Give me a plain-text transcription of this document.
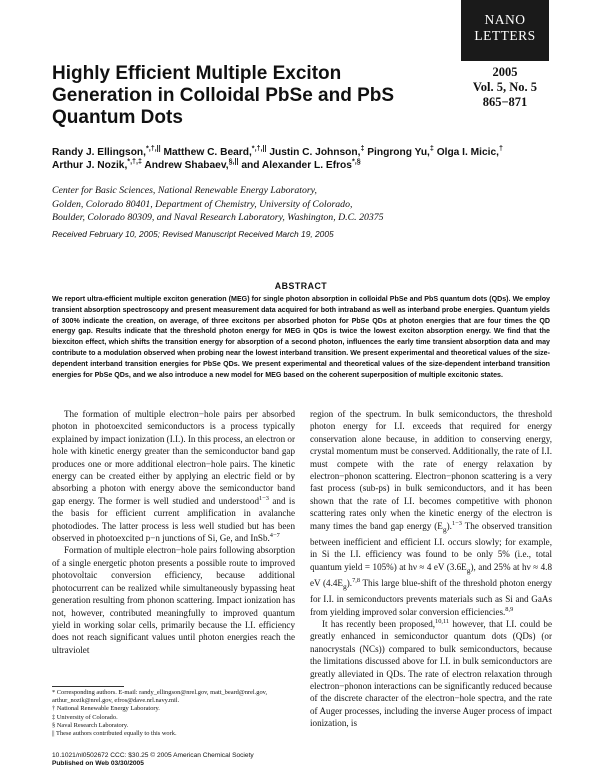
NANO
LETTERS
2005
Vol. 5, No. 5
865−871
Highly Efficient Multiple Exciton Generation in Colloidal PbSe and PbS Quantum Dots
Randy J. Ellingson,*,†,|| Matthew C. Beard,*,†,|| Justin C. Johnson,‡ Pingrong Yu,‡ Olga I. Micic,† Arthur J. Nozik,*,†,‡ Andrew Shabaev,§,|| and Alexander L. Efros*,§
Center for Basic Sciences, National Renewable Energy Laboratory,
Golden, Colorado 80401, Department of Chemistry, University of Colorado,
Boulder, Colorado 80309, and Naval Research Laboratory, Washington, D.C. 20375
Received February 10, 2005; Revised Manuscript Received March 19, 2005
ABSTRACT
We report ultra-efficient multiple exciton generation (MEG) for single photon absorption in colloidal PbSe and PbS quantum dots (QDs). We employ transient absorption spectroscopy and present measurement data acquired for both intraband as well as interband probe energies. Quantum yields of 300% indicate the creation, on average, of three excitons per absorbed photon for PbSe QDs at photon energies that are four times the QD energy gap. Results indicate that the threshold photon energy for MEG in QDs is twice the lowest exciton absorption energy. We find that the biexciton effect, which shifts the transition energy for absorption of a second photon, influences the early time transient absorption data and may contribute to a modulation observed when probing near the lowest interband transition. We present experimental and theoretical values of the size-dependent interband transition energies for PbSe QDs. We present experimental and theoretical values of the size-dependent interband transition energies for PbSe QDs, and we also introduce a new model for MEG based on the coherent superposition of multiple excitonic states.

The formation of multiple electron−hole pairs per absorbed photon in photoexcited semiconductors is a process typically explained by impact ionization (I.I.). In this process, an electron or hole with kinetic energy greater than the semiconductor band gap produces one or more additional electron−hole pairs. The kinetic energy can be created either by applying an electric field or by absorbing a photon with energy above the semiconductor band gap energy. The former is well studied and understood$^{1-3}$ and is the basis for efficient current amplification in avalanche photodiodes. The latter process is less well studied but has been observed in photoexcited p−n junctions of Si, Ge, and InSb.$^{4-7}$

Formation of multiple electron−hole pairs following absorption of a single energetic photon presents a possible route to improved photovoltaic conversion efficiency, because additional photocurrent can be realized while simultaneously bypassing heat generation resulting from phonon scattering. Impact ionization has not, however, contributed meaningfully to improved quantum yield in working solar cells, primarily because the I.I. efficiency does not reach significant values until photon energies reach the ultraviolet

region of the spectrum. In bulk semiconductors, the threshold photon energy for I.I. exceeds that required for energy conservation alone because, in addition to conserving energy, crystal momentum must be conserved. Additionally, the rate of I.I. must compete with the rate of energy relaxation by electron−phonon scattering. Electron−phonon scattering is a very fast process (sub-ps) in bulk semiconductors, and it has been shown that the rate of I.I. becomes competitive with phonon scattering rates only when the kinetic energy of the electron is many times the band gap energy $(E_g).^{1-3}$ The observed transition between inefficient and efficient I.I. occurs slowly; for example, in Si the I.I. efficiency was found to be only 5% (i.e., total quantum yield = 105%) at hν ≈ 4 eV $(3.6E_g)$, and 25% at hν ≈ 4.8 eV $(4.4E_g).^{7,8}$ This large blue-shift of the threshold photon energy for I.I. in semiconductors prevents materials such as Si and GaAs from yielding improved solar conversion efficiencies.$^{8,9}$

It has recently been proposed,$^{10,11}$ however, that I.I. could be greatly enhanced in semiconductor quantum dots (QDs) (or nanocrystals (NCs)) compared to bulk semiconductors, because the limitations discussed above for I.I. in bulk semiconductors are greatly alleviated in QDs. The rate of electron relaxation through electron−phonon interactions can be significantly reduced because of the discrete character of the electron−hole spectra, and the rate of Auger processes, including the inverse Auger process of impact ionization, is

* Corresponding authors. E-mail: randy_ellingson@nrel.gov, matt_beard@nrel.gov, arthur_nozik@nrel.gov, efros@dave.nrl.navy.mil.
† National Renewable Energy Laboratory.
‡ University of Colorado.
§ Naval Research Laboratory.
|| These authors contributed equally to this work.
10.1021/nl0502672 CCC: $30.25 © 2005 American Chemical Society
Published on Web 03/30/2005
